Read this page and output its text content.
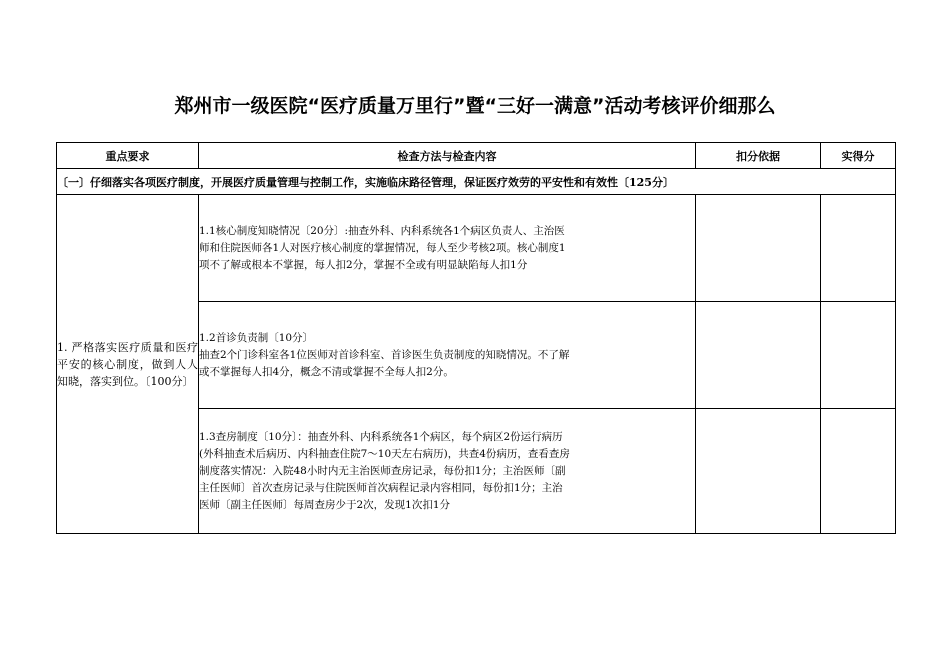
郑州市一级医院“医疗质量万里行”暨“三好一满意”活动考核评价细那么
重点要求	检查方法与检查内容	扣分依据	实得分
〔一〕仔细落实各项医疗制度，开展医疗质量管理与控制工作，实施临床路径管理，保证医疗效劳的平安性和有效性〔125分〕			
1. 严格落实医疗质量和医疗平安的核心制度，做到人人知晓，落实到位。〔100分〕	1.1核心制度知晓情况〔20分〕:抽查外科、内科系统各1个病区负责人、主治医
师和住院医师各1人对医疗核心制度的掌握情况，每人至少考核2项。核心制度1
项不了解或根本不掌握，每人扣2分，掌握不全或有明显缺陷每人扣1分		

	1.2首诊负责制〔10分〕
抽查2个门诊科室各1位医师对首诊科室、首诊医生负责制度的知晓情况。不了解
或不掌握每人扣4分，概念不清或掌握不全每人扣2分。		

	1.3查房制度〔10分〕：抽查外科、内科系统各1个病区，每个病区2份运行病历
(外科抽查术后病历、内科抽查住院7～10天左右病历)，共查4份病历，查看查房
制度落实情况：入院48小时内无主治医师查房记录，每份扣1分；主治医师〔副
主任医师〕首次查房记录与住院医师首次病程记录内容相同，每份扣1分；主治
医师〔副主任医师〕每周查房少于2次，发现1次扣1分		
